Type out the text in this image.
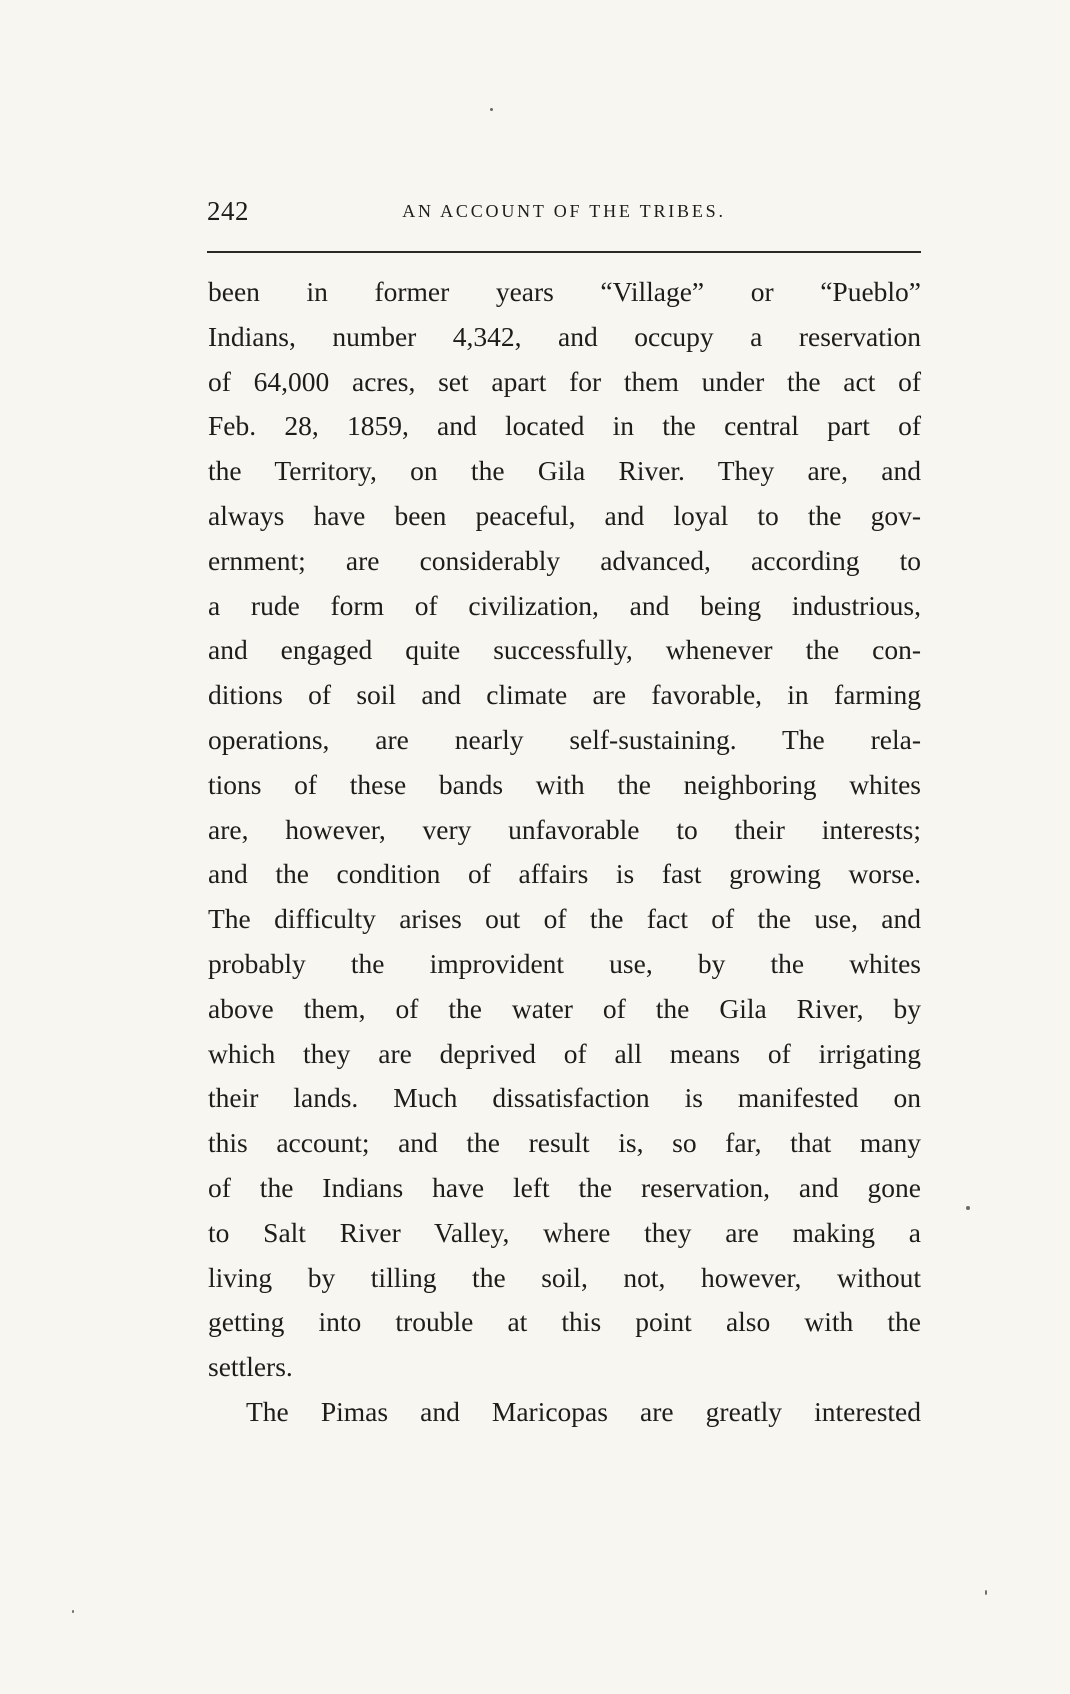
242	AN ACCOUNT OF THE TRIBES.
been in former years “Village” or “Pueblo”
Indians, number 4,342, and occupy a reservation
of 64,000 acres, set apart for them under the act of
Feb. 28, 1859, and located in the central part of
the Territory, on the Gila River. They are, and
always have been peaceful, and loyal to the gov-
ernment; are considerably advanced, according to
a rude form of civilization, and being industrious,
and engaged quite successfully, whenever the con-
ditions of soil and climate are favorable, in farming
operations, are nearly self-sustaining. The rela-
tions of these bands with the neighboring whites
are, however, very unfavorable to their interests;
and the condition of affairs is fast growing worse.
The difficulty arises out of the fact of the use, and
probably the improvident use, by the whites
above them, of the water of the Gila River, by
which they are deprived of all means of irrigating
their lands. Much dissatisfaction is manifested on
this account; and the result is, so far, that many
of the Indians have left the reservation, and gone
to Salt River Valley, where they are making a
living by tilling the soil, not, however, without
getting into trouble at this point also with the
settlers.
The Pimas and Maricopas are greatly interested
